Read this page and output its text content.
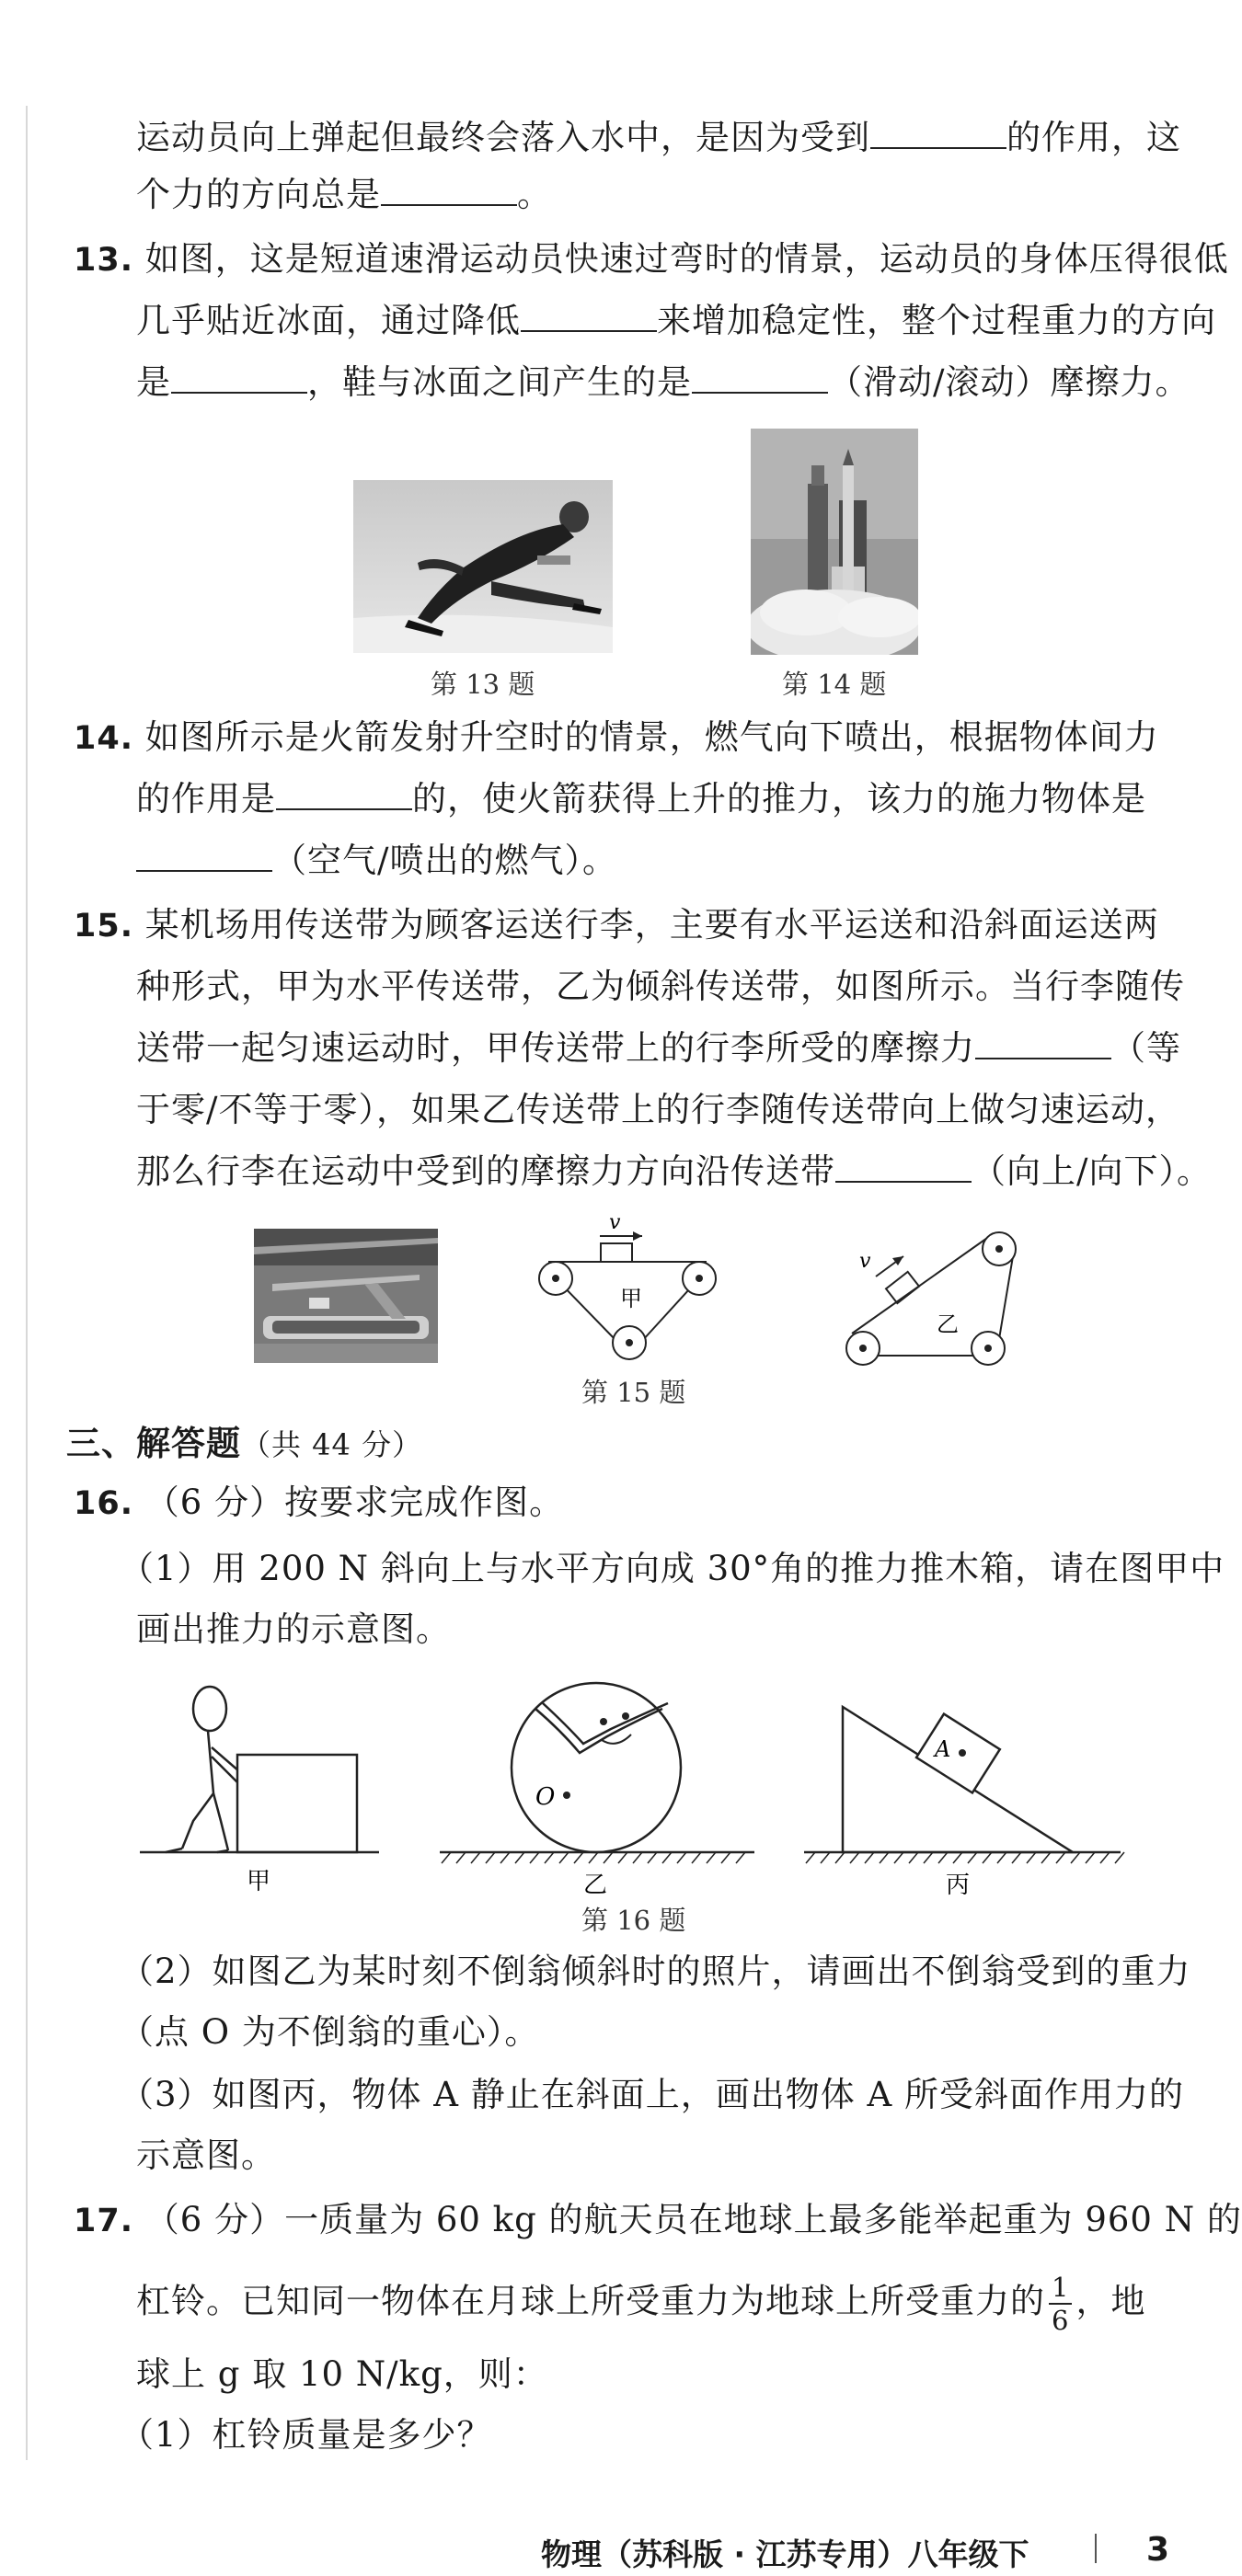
运动员向上弹起但最终会落入水中，是因为受到	的作用，这
个力的方向总是	。
13. 如图，这是短道速滑运动员快速过弯时的情景，运动员的身体压得很低
几乎贴近冰面，通过降低	来增加稳定性，整个过程重力的方向
是	，鞋与冰面之间产生的是	（滑动/滚动）摩擦力。
第 13 题	第 14 题
14. 如图所示是火箭发射升空时的情景，燃气向下喷出，根据物体间力
的作用是	的，使火箭获得上升的推力，该力的施力物体是
（空气/喷出的燃气）。
15. 某机场用传送带为顾客运送行李，主要有水平运送和沿斜面运送两
种形式，甲为水平传送带，乙为倾斜传送带，如图所示。当行李随传
送带一起匀速运动时，甲传送带上的行李所受的摩擦力	（等
于零/不等于零），如果乙传送带上的行李随传送带向上做匀速运动，
那么行李在运动中受到的摩擦力方向沿传送带	（向上/向下）。
v
甲
v
乙
第 15 题
三、解答题（共 44 分）
16. （6 分）按要求完成作图。
（1）用 200 N 斜向上与水平方向成 30°角的推力推木箱，请在图甲中
画出推力的示意图。
甲
O
乙
A
丙
第 16 题
（2）如图乙为某时刻不倒翁倾斜时的照片，请画出不倒翁受到的重力
（点 O 为不倒翁的重心）。
（3）如图丙，物体 A 静止在斜面上，画出物体 A 所受斜面作用力的
示意图。
17. （6 分）一质量为 60 kg 的航天员在地球上最多能举起重为 960 N 的
杠铃。已知同一物体在月球上所受重力为地球上所受重力的 $\frac{1}{6}$ ，地
球上 g 取 10 N/kg，则：
（1）杠铃质量是多少？
物理（苏科版 · 江苏专用）八年级下	3
